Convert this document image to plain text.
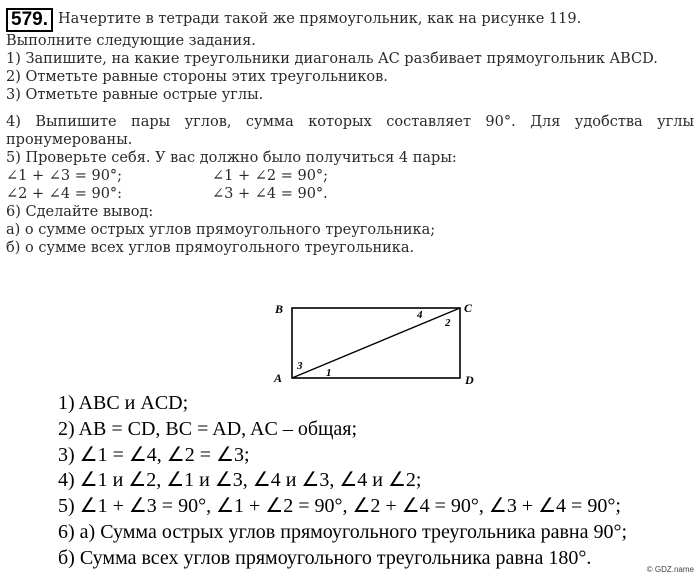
579. Начертите в тетради такой же прямоугольник, как на рисунке 119.
Выполните следующие задания.
1) Запишите, на какие треугольники диагональ AC разбивает прямоугольник ABCD.
2) Отметьте равные стороны этих треугольников.
3) Отметьте равные острые углы.
4) Выпишите пары углов, сумма которых составляет 90°. Для удобства углы пронумерованы.
5) Проверьте себя. У вас должно было получиться 4 пары:
∠1 + ∠3 = 90°;	∠1 + ∠2 = 90°;
∠2 + ∠4 = 90°:	∠3 + ∠4 = 90°.
6) Сделайте вывод:
а) о сумме острых углов прямоугольного треугольника;
б) о сумме всех углов прямоугольного треугольника.
B	C
A	D
4
2
3
1
1) ABC и ACD;
2) AB = CD, BC = AD, AC – общая;
3) ∠1 = ∠4, ∠2 = ∠3;
4) ∠1 и ∠2, ∠1 и ∠3, ∠4 и ∠3, ∠4 и ∠2;
5) ∠1 + ∠3 = 90°, ∠1 + ∠2 = 90°, ∠2 + ∠4 = 90°, ∠3 + ∠4 = 90°;
6) а) Сумма острых углов прямоугольного треугольника равна 90°;
б) Сумма всех углов прямоугольного треугольника равна 180°.
© GDZ.name
